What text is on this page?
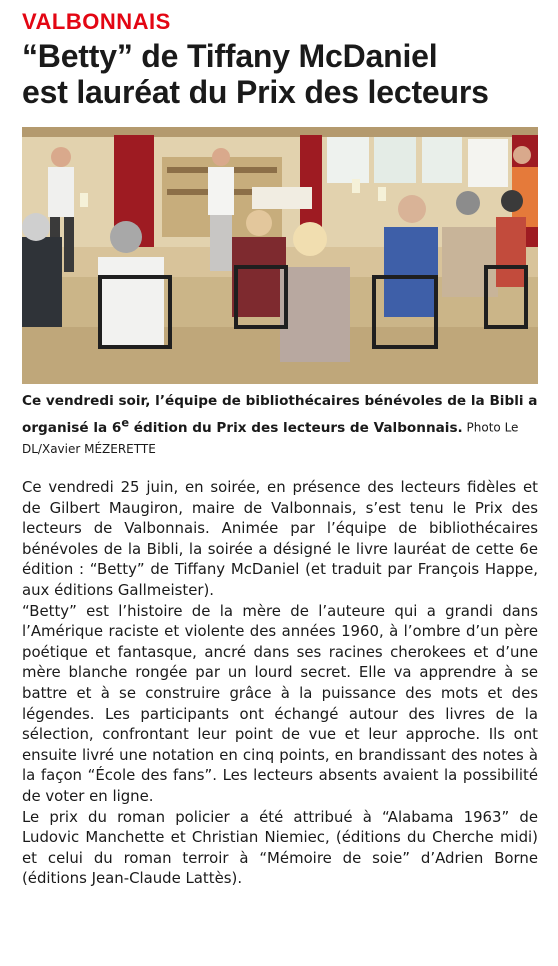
VALBONNAIS
“Betty” de Tiffany McDaniel
est lauréat du Prix des lecteurs
Ce vendredi soir, l’équipe de bibliothécaires bénévoles de la Bibli a organisé la 6e édition du Prix des lecteurs de Valbonnais. Photo Le DL/Xavier MÉZERETTE

Ce vendredi 25 juin, en soirée, en présence des lecteurs fidèles et de Gilbert Maugiron, maire de Valbonnais, s’est tenu le Prix des lecteurs de Valbonnais. Animée par l’équipe de bibliothécaires bénévoles de la Bibli, la soirée a désigné le livre lauréat de cette 6e édition : “Betty” de Tiffany McDaniel (et traduit par François Happe, aux éditions Gallmeister).

“Betty” est l’histoire de la mère de l’auteure qui a grandi dans l’Amérique raciste et violente des années 1960, à l’ombre d’un père poétique et fantasque, ancré dans ses racines cherokees et d’une mère blanche rongée par un lourd secret. Elle va apprendre à se battre et à se construire grâce à la puissance des mots et des légendes. Les participants ont échangé autour des livres de la sélection, confrontant leur point de vue et leur approche. Ils ont ensuite livré une notation en cinq points, en brandissant des notes à la façon “École des fans”. Les lecteurs absents avaient la possibilité de voter en ligne.

Le prix du roman policier a été attribué à “Alabama 1963” de Ludovic Manchette et Christian Niemiec, (éditions du Cherche midi) et celui du roman terroir à “Mémoire de soie” d’Adrien Borne (éditions Jean-Claude Lattès).
